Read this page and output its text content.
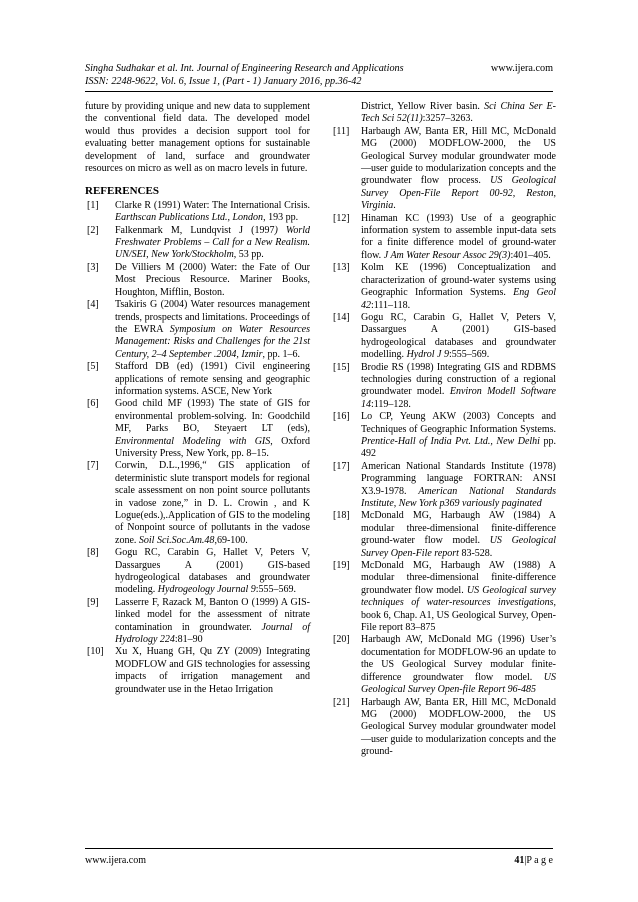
Singha Sudhakar et al. Int. Journal of Engineering Research and Applications	www.ijera.com
ISSN: 2248-9622, Vol. 6, Issue 1, (Part - 1) January 2016, pp.36-42

future by providing unique and new data to supplement the conventional field data. The developed model would thus provides a decision support tool for evaluating better management options for sustainable development of land, surface and groundwater resources on micro as well as on macro levels in future.

REFERENCES
[1]	Clarke R (1991) Water: The International Crisis. Earthscan Publications Ltd., London, 193 pp.
[2]	Falkenmark M, Lundqvist J (1997) World Freshwater Problems – Call for a New Realism. UN/SEI, New York/Stockholm, 53 pp.
[3]	De Villiers M (2000) Water: the Fate of Our Most Precious Resource. Mariner Books, Houghton, Mifflin, Boston.
[4]	Tsakiris G (2004) Water resources management trends, prospects and limitations. Proceedings of the EWRA Symposium on Water Resources Management: Risks and Challenges for the 21st Century, 2–4 September .2004, Izmir, pp. 1–6.
[5]	Stafford DB (ed) (1991) Civil engineering applications of remote sensing and geographic information systems. ASCE, New York
[6]	Good child MF (1993) The state of GIS for environmental problem-solving. In: Goodchild MF, Parks BO, Steyaert LT (eds), Environmental Modeling with GIS, Oxford University Press, New York, pp. 8–15.
[7]	Corwin, D.L.,1996,“ GIS application of deterministic slute transport models for regional scale assessment on non point source pollutants in vadose zone,” in D. L. Crowin , and K Logue(eds.),.Application of GIS to the modeling of Nonpoint source of pollutants in the vadose zone. Soil Sci.Soc.Am.48,69-100.
[8]	Gogu RC, Carabin G, Hallet V, Peters V, Dassargues A (2001) GIS-based hydrogeological databases and groundwater modeling. Hydrogeology Journal 9:555–569.
[9]	Lasserre F, Razack M, Banton O (1999) A GIS-linked model for the assessment of nitrate contamination in groundwater. Journal of Hydrology 224:81–90
[10]	Xu X, Huang GH, Qu ZY (2009) Integrating MODFLOW and GIS technologies for assessing impacts of irrigation management and groundwater use in the Hetao Irrigation
District, Yellow River basin. Sci China Ser E-Tech Sci 52(11):3257–3263.
[11]	Harbaugh AW, Banta ER, Hill MC, McDonald MG (2000) MODFLOW-2000, the US Geological Survey modular groundwater mode—user guide to modularization concepts and the groundwater flow process. US Geological Survey Open-File Report 00-92, Reston, Virginia.
[12]	Hinaman KC (1993) Use of a geographic information system to assemble input-data sets for a finite difference model of ground-water flow. J Am Water Resour Assoc 29(3):401–405.
[13]	Kolm KE (1996) Conceptualization and characterization of ground-water systems using Geographic Information Systems. Eng Geol 42:111–118.
[14]	Gogu RC, Carabin G, Hallet V, Peters V, Dassargues A (2001) GIS-based hydrogeological databases and groundwater modelling. Hydrol J 9:555–569.
[15]	Brodie RS (1998) Integrating GIS and RDBMS technologies during construction of a regional groundwater model. Environ Modell Software 14:119–128.
[16]	Lo CP, Yeung AKW (2003) Concepts and Techniques of Geographic Information Systems. Prentice-Hall of India Pvt. Ltd., New Delhi pp. 492
[17]	American National Standards Institute (1978) Programming language FORTRAN: ANSI X3.9-1978. American National Standards Institute, New York p369 variously paginated
[18]	McDonald MG, Harbaugh AW (1984) A modular three-dimensional finite-difference ground-water flow model. US Geological Survey Open-File report 83-528.
[19]	McDonald MG, Harbaugh AW (1988) A modular three-dimensional finite-difference groundwater flow model. US Geological survey techniques of water-resources investigations, book 6, Chap. A1, US Geological Survey, Open-File report 83–875
[20]	Harbaugh AW, McDonald MG (1996) User’s documentation for MODFLOW-96 an update to the US Geological Survey modular finite-difference groundwater flow model. US Geological Survey Open-file Report 96-485
[21]	Harbaugh AW, Banta ER, Hill MC, McDonald MG (2000) MODFLOW-2000, the US Geological Survey modular groundwater model—user guide to modularization concepts and the ground-
www.ijera.com	41|P a g e
